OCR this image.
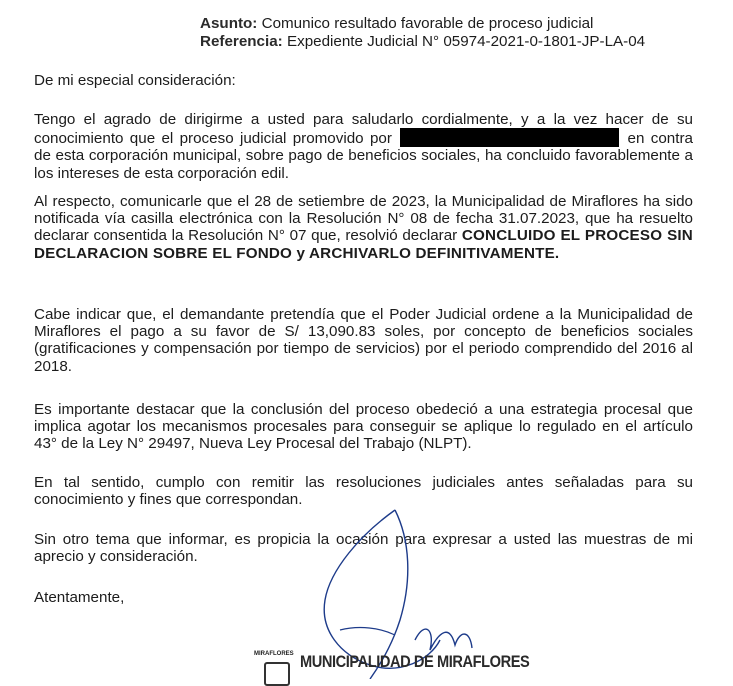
Asunto: Comunico resultado favorable de proceso judicial
Referencia: Expediente Judicial N° 05974-2021-0-1801-JP-LA-04
De mi especial consideración:
Tengo el agrado de dirigirme a usted para saludarlo cordialmente, y a la vez hacer de su conocimiento que el proceso judicial promovido por	en contra de esta corporación municipal, sobre pago de beneficios sociales, ha concluido favorablemente a los intereses de esta corporación edil.
Al respecto, comunicarle que el 28 de setiembre de 2023, la Municipalidad de Miraflores ha sido notificada vía casilla electrónica con la Resolución N° 08 de fecha 31.07.2023, que ha resuelto declarar consentida la Resolución N° 07 que, resolvió declarar CONCLUIDO EL PROCESO SIN DECLARACION SOBRE EL FONDO y ARCHIVARLO DEFINITIVAMENTE.
Cabe indicar que, el demandante pretendía que el Poder Judicial ordene a la Municipalidad de Miraflores el pago a su favor de S/ 13,090.83 soles, por concepto de beneficios sociales (gratificaciones y compensación por tiempo de servicios) por el periodo comprendido del 2016 al 2018.
Es importante destacar que la conclusión del proceso obedeció a una estrategia procesal que implica agotar los mecanismos procesales para conseguir se aplique lo regulado en el artículo 43° de la Ley N° 29497, Nueva Ley Procesal del Trabajo (NLPT).
En tal sentido, cumplo con remitir las resoluciones judiciales antes señaladas para su conocimiento y fines que correspondan.
Sin otro tema que informar, es propicia la ocasión para expresar a usted las muestras de mi aprecio y consideración.
Atentamente,
MIRAFLORES MUNICIPALIDAD DE MIRAFLORES
